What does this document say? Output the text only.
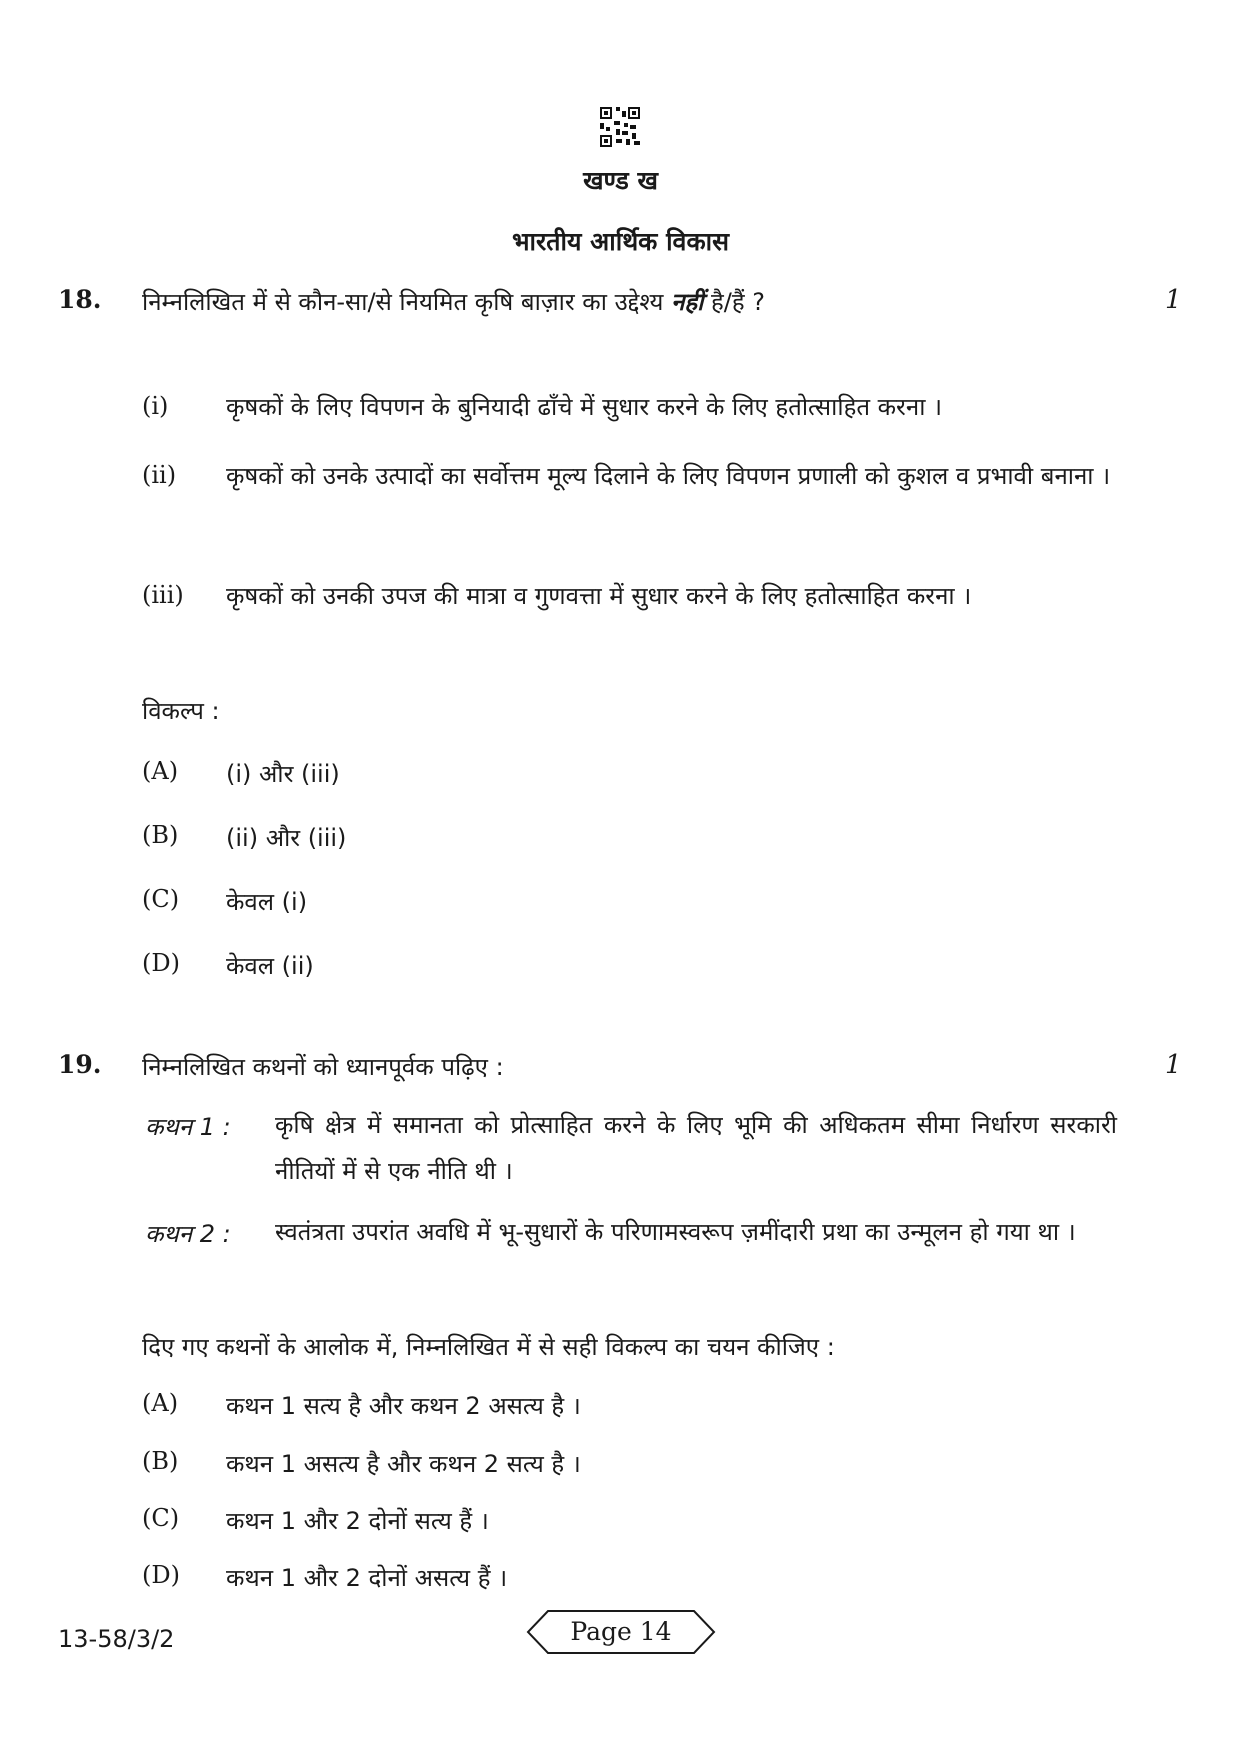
खण्ड ख
भारतीय आर्थिक विकास
18. निम्नलिखित में से कौन-सा/से नियमित कृषि बाज़ार का उद्देश्य नहीं है/हैं ?	1
(i) कृषकों के लिए विपणन के बुनियादी ढाँचे में सुधार करने के लिए हतोत्साहित करना ।
(ii) कृषकों को उनके उत्पादों का सर्वोत्तम मूल्य दिलाने के लिए विपणन प्रणाली को कुशल व प्रभावी बनाना ।
(iii) कृषकों को उनकी उपज की मात्रा व गुणवत्ता में सुधार करने के लिए हतोत्साहित करना ।
विकल्प :
(A) (i) और (iii)
(B) (ii) और (iii)
(C) केवल (i)
(D) केवल (ii)
19. निम्नलिखित कथनों को ध्यानपूर्वक पढ़िए :	1
कथन 1 : कृषि क्षेत्र में समानता को प्रोत्साहित करने के लिए भूमि की अधिकतम सीमा निर्धारण सरकारी नीतियों में से एक नीति थी ।
कथन 2 : स्वतंत्रता उपरांत अवधि में भू-सुधारों के परिणामस्वरूप ज़मींदारी प्रथा का उन्मूलन हो गया था ।
दिए गए कथनों के आलोक में, निम्नलिखित में से सही विकल्प का चयन कीजिए :
(A) कथन 1 सत्य है और कथन 2 असत्य है ।
(B) कथन 1 असत्य है और कथन 2 सत्य है ।
(C) कथन 1 और 2 दोनों सत्य हैं ।
(D) कथन 1 और 2 दोनों असत्य हैं ।
13-58/3/2	Page 14
